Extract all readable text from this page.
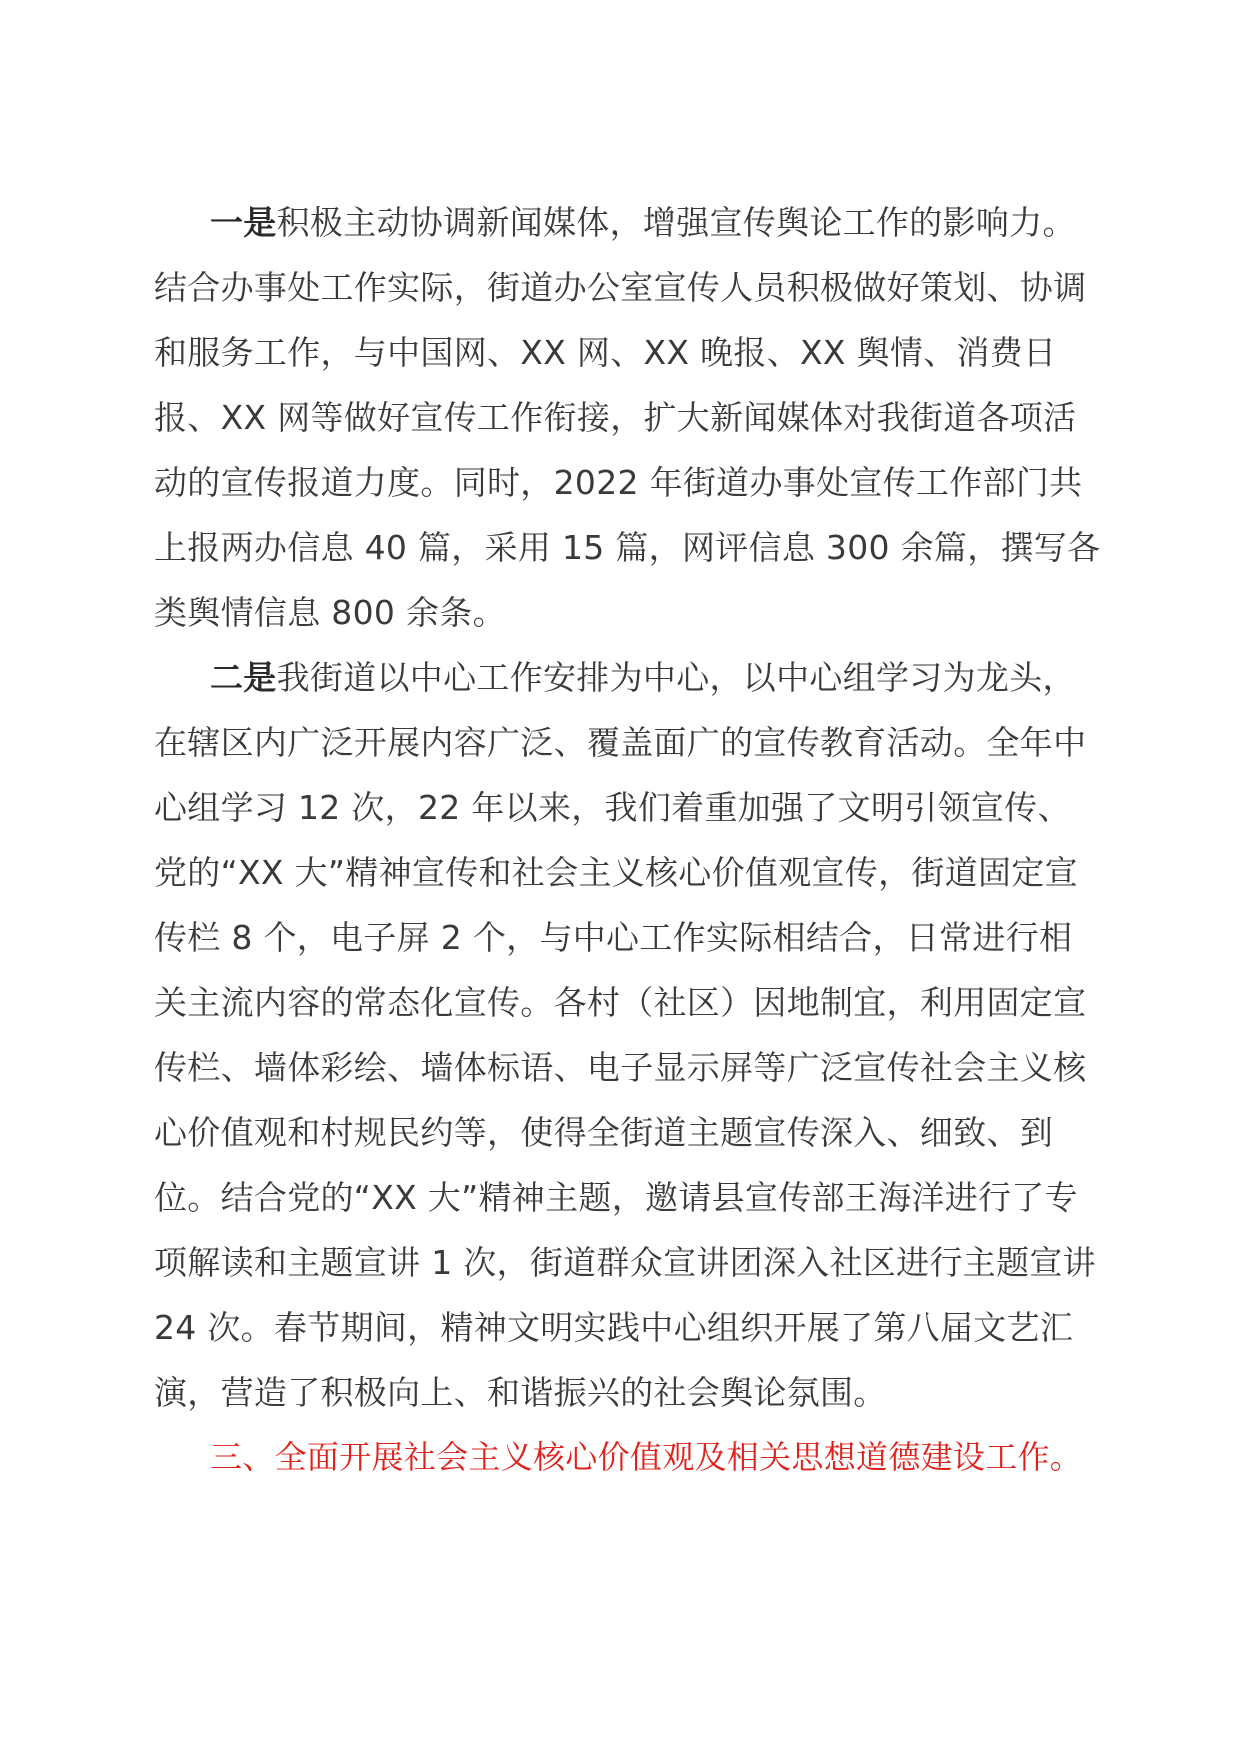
一是积极主动协调新闻媒体，增强宣传舆论工作的影响力。结合办事处工作实际，街道办公室宣传人员积极做好策划、协调和服务工作，与中国网、XX 网、XX 晚报、XX 舆情、消费日报、XX 网等做好宣传工作衔接，扩大新闻媒体对我街道各项活动的宣传报道力度。同时，2022 年街道办事处宣传工作部门共上报两办信息 40 篇，采用 15 篇，网评信息 300 余篇，撰写各类舆情信息 800 余条。

二是我街道以中心工作安排为中心，以中心组学习为龙头，在辖区内广泛开展内容广泛、覆盖面广的宣传教育活动。全年中心组学习 12 次，22 年以来，我们着重加强了文明引领宣传、党的“XX 大”精神宣传和社会主义核心价值观宣传，街道固定宣传栏 8 个，电子屏 2 个，与中心工作实际相结合，日常进行相关主流内容的常态化宣传。各村（社区）因地制宜，利用固定宣传栏、墙体彩绘、墙体标语、电子显示屏等广泛宣传社会主义核心价值观和村规民约等，使得全街道主题宣传深入、细致、到位。结合党的“XX 大”精神主题，邀请县宣传部王海洋进行了专项解读和主题宣讲 1 次，街道群众宣讲团深入社区进行主题宣讲 24 次。春节期间，精神文明实践中心组织开展了第八届文艺汇演，营造了积极向上、和谐振兴的社会舆论氛围。

三、全面开展社会主义核心价值观及相关思想道德建设工作。
